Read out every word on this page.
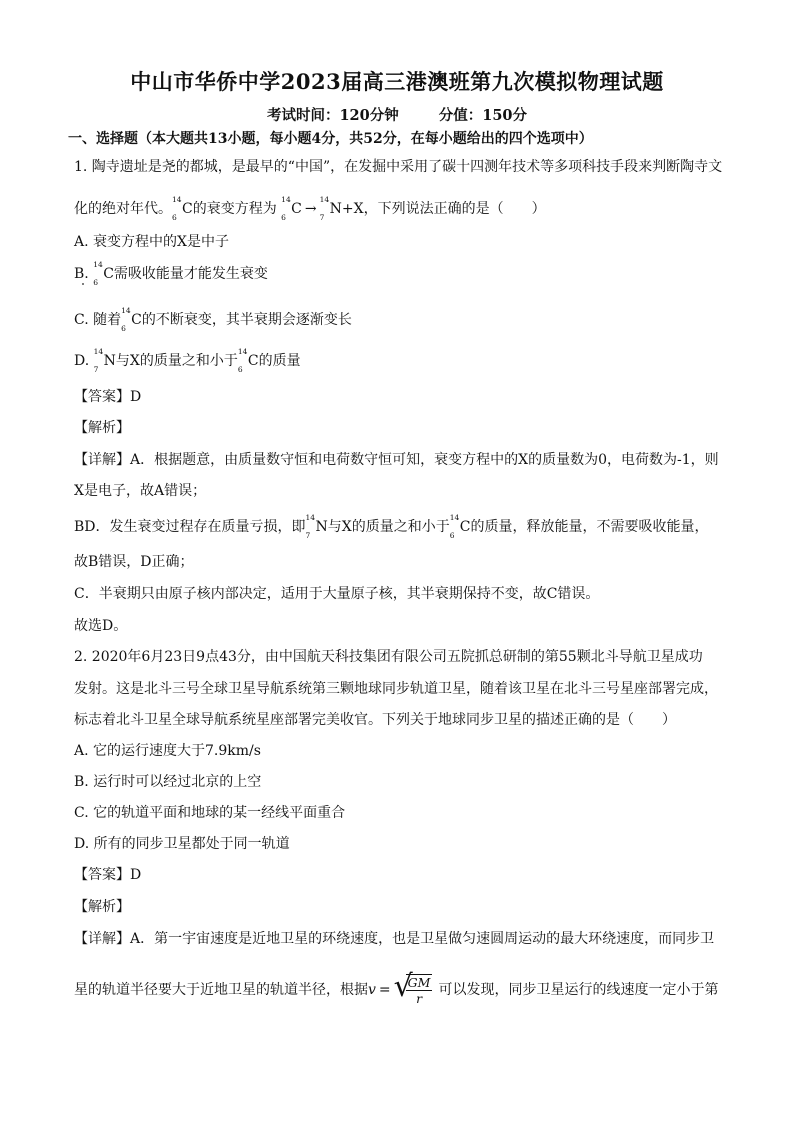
中山市华侨中学2023届高三港澳班第九次模拟物理试题
考试时间：120分钟	分值：150分
一、选择题（本大题共13小题，每小题4分，共52分，在每小题给出的四个选项中）
1. 陶寺遗址是尧的都城，是最早的“中国”，在发掘中采用了碳十四测年技术等多项科技手段来判断陶寺文
化的绝对年代。
14
6
C的衰变方程为
14
6
C →
14
7
N+X，下列说法正确的是（　　）
A. 衰变方程中的X是中子
B.
14
6
C需吸收能量才能发生衰变
C. 随着
14
6
C的不断衰变，其半衰期会逐渐变长
D.
14
7
N与X的质量之和小于
14
6
C的质量
【答案】D
【解析】
【详解】A．根据题意，由质量数守恒和电荷数守恒可知，衰变方程中的X的质量数为0，电荷数为-1，则
X是电子，故A错误；
BD．发生衰变过程存在质量亏损，即
14
7
N与X的质量之和小于
14
6
C的质量，释放能量，不需要吸收能量，
故B错误，D正确；
C．半衰期只由原子核内部决定，适用于大量原子核，其半衰期保持不变，故C错误。
故选D。
2. 2020年6月23日9点43分，由中国航天科技集团有限公司五院抓总研制的第55颗北斗导航卫星成功
发射。这是北斗三号全球卫星导航系统第三颗地球同步轨道卫星，随着该卫星在北斗三号星座部署完成，
标志着北斗卫星全球导航系统星座部署完美收官。下列关于地球同步卫星的描述正确的是（　　）
A. 它的运行速度大于7.9km/s
B. 运行时可以经过北京的上空
C. 它的轨道平面和地球的某一经线平面重合
D. 所有的同步卫星都处于同一轨道
【答案】D
【解析】
【详解】A．第一宇宙速度是近地卫星的环绕速度，也是卫星做匀速圆周运动的最大环绕速度，而同步卫
星的轨道半径要大于近地卫星的轨道半径，根据v = √
$\frac{GM}{r}$ 可以发现，同步卫星运行的线速度一定小于第
